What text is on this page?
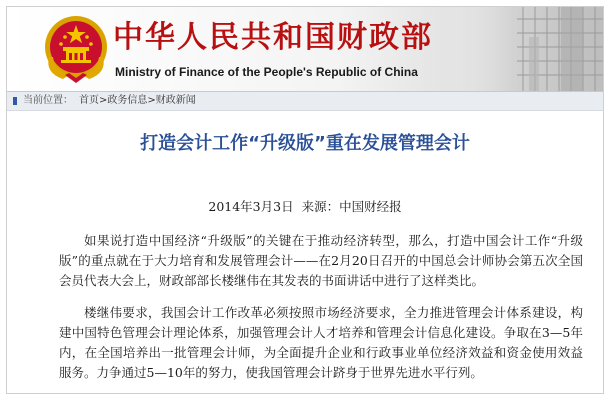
中华人民共和国财政部
Ministry of Finance of the People's Republic of China
当前位置： 首页>政务信息>财政新闻
打造会计工作“升级版”重在发展管理会计
2014年3月3日 来源：中国财经报

如果说打造中国经济“升级版”的关键在于推动经济转型，那么，打造中国会计工作“升级版”的重点就在于大力培育和发展管理会计——在2月20日召开的中国总会计师协会第五次全国会员代表大会上，财政部部长楼继伟在其发表的书面讲话中进行了这样类比。

楼继伟要求，我国会计工作改革必须按照市场经济要求，全力推进管理会计体系建设，构建中国特色管理会计理论体系，加强管理会计人才培养和管理会计信息化建设。争取在3—5年内，在全国培养出一批管理会计师，为全面提升企业和行政事业单位经济效益和资金使用效益服务。力争通过5—10年的努力，使我国管理会计跻身于世界先进水平行列。
